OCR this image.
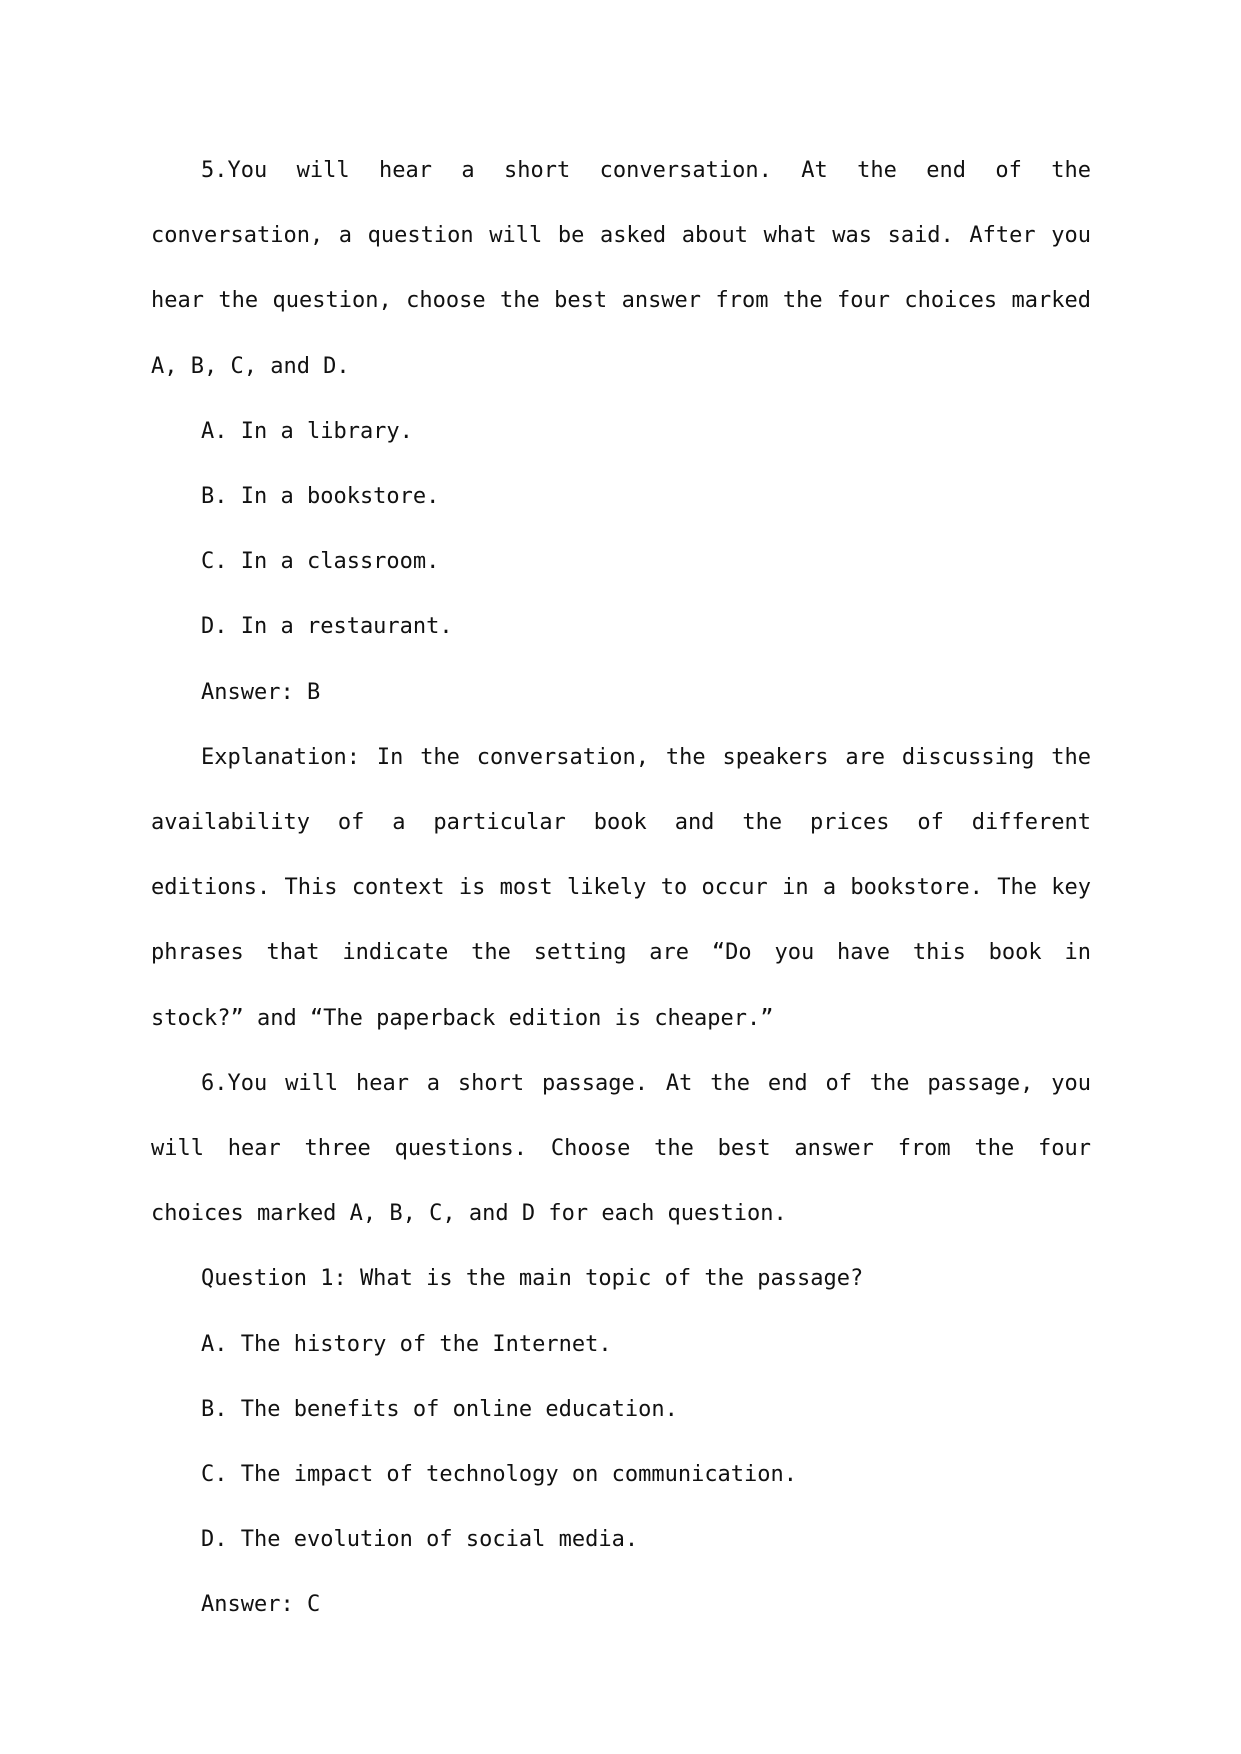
5.You will hear a short conversation. At the end of the conversation, a question will be asked about what was said. After you hear the question, choose the best answer from the four choices marked A, B, C, and D.

A. In a library.

B. In a bookstore.

C. In a classroom.

D. In a restaurant.

Answer: B

Explanation: In the conversation, the speakers are discussing the availability of a particular book and the prices of different editions. This context is most likely to occur in a bookstore. The key phrases that indicate the setting are “Do you have this book in stock?” and “The paperback edition is cheaper.”

6.You will hear a short passage. At the end of the passage, you will hear three questions. Choose the best answer from the four choices marked A, B, C, and D for each question.

Question 1: What is the main topic of the passage?

A. The history of the Internet.

B. The benefits of online education.

C. The impact of technology on communication.

D. The evolution of social media.

Answer: C
